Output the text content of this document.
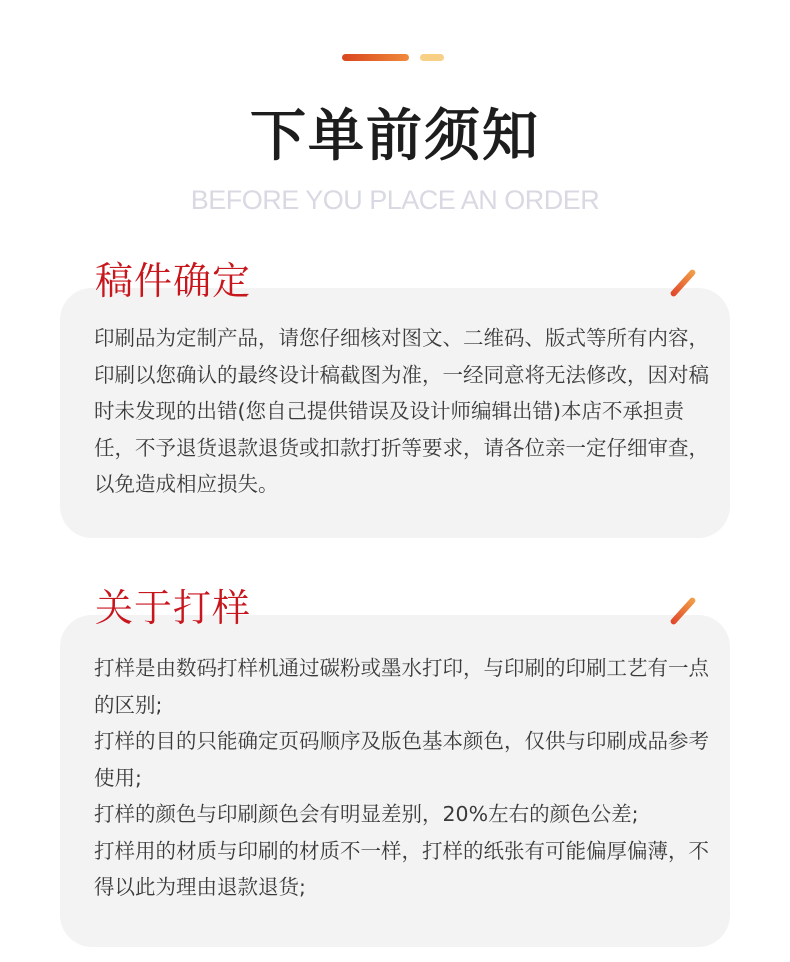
下单前须知
BEFORE YOU PLACE AN ORDER
稿件确定

印刷品为定制产品，请您仔细核对图文、二维码、版式等所有内容，印刷以您确认的最终设计稿截图为准，一经同意将无法修改，因对稿时未发现的出错(您自己提供错误及设计师编辑出错)本店不承担责任，不予退货退款退货或扣款打折等要求，请各位亲一定仔细审查，以免造成相应损失。

关于打样

打样是由数码打样机通过碳粉或墨水打印，与印刷的印刷工艺有一点的区别;

打样的目的只能确定页码顺序及版色基本颜色，仅供与印刷成品参考使用;

打样的颜色与印刷颜色会有明显差别，20%左右的颜色公差;

打样用的材质与印刷的材质不一样，打样的纸张有可能偏厚偏薄，不得以此为理由退款退货;
